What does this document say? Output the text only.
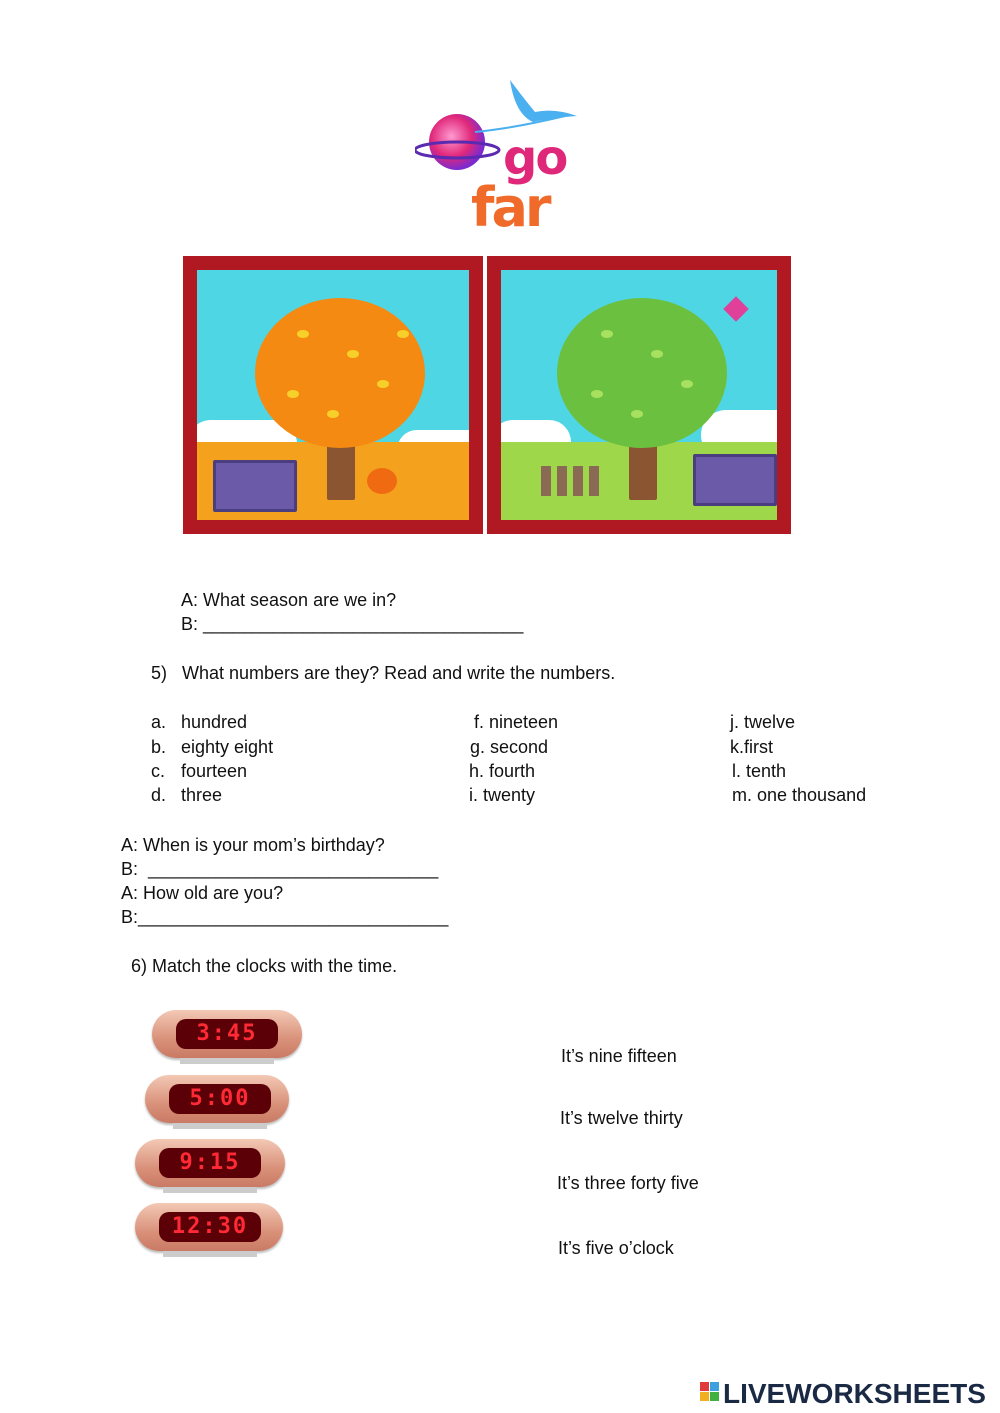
go
far
A: What season are we in?
B: ________________________________
5)   What numbers are they? Read and write the numbers.
a. hundred
b. eighty eight
c. fourteen
d. three
f. nineteen
g. second
h. fourth
i. twenty
j. twelve
k.first
l. tenth
m. one thousand
A: When is your mom’s birthday?
B:  _____________________________
A: How old are you?
B:_______________________________
6) Match the clocks with the time.
3:45
5:00
9:15
12:30
It’s nine fifteen
It’s twelve thirty
It’s three forty five
It’s five o’clock
LIVEWORKSHEETS
